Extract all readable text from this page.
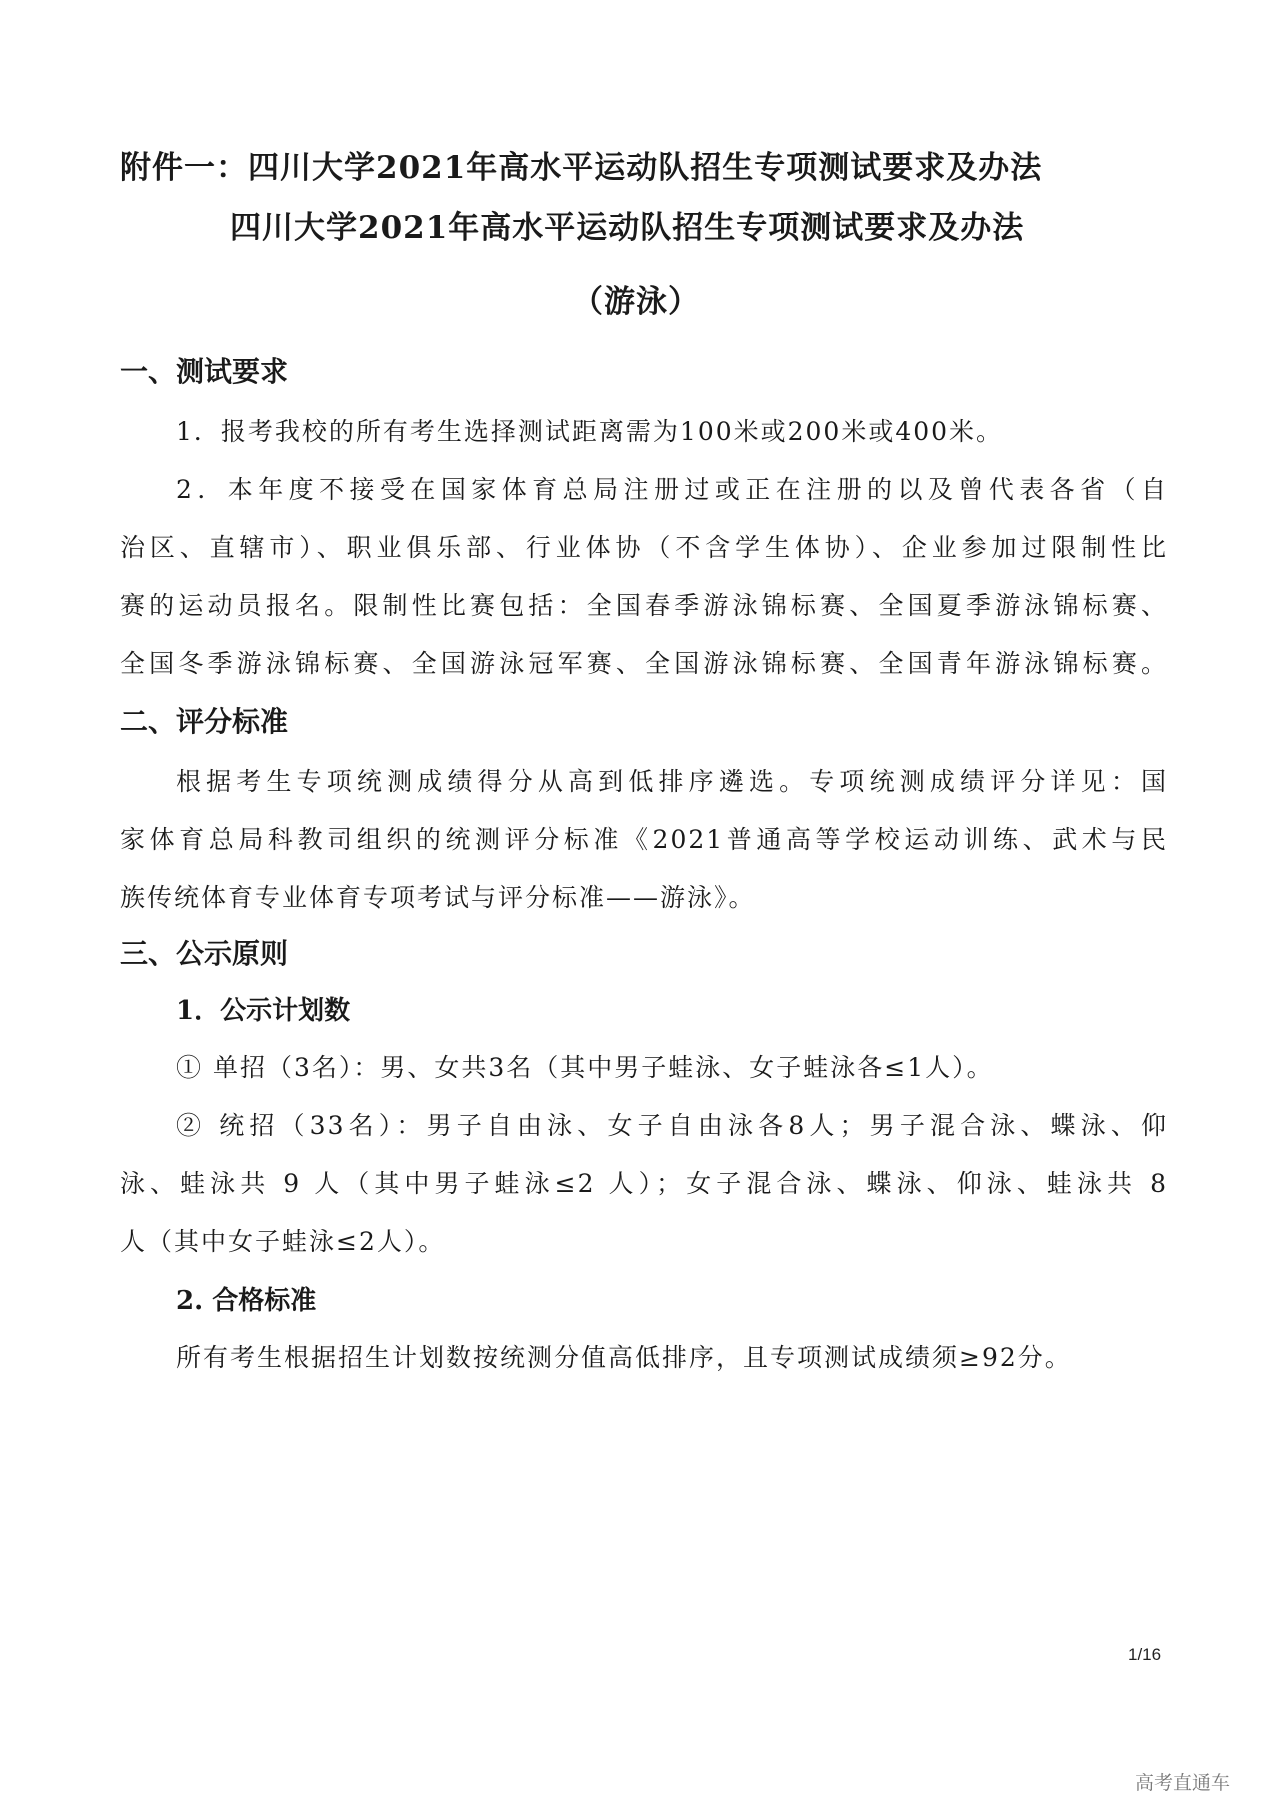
附件一：四川大学2021年高水平运动队招生专项测试要求及办法
四川大学2021年高水平运动队招生专项测试要求及办法
（游泳）
一、测试要求
1．报考我校的所有考生选择测试距离需为100米或200米或400米。
2．本年度不接受在国家体育总局注册过或正在注册的以及曾代表各省（自
治区、直辖市）、职业俱乐部、行业体协（不含学生体协）、企业参加过限制性比
赛的运动员报名。限制性比赛包括：全国春季游泳锦标赛、全国夏季游泳锦标赛、
全国冬季游泳锦标赛、全国游泳冠军赛、全国游泳锦标赛、全国青年游泳锦标赛。
二、评分标准
根据考生专项统测成绩得分从高到低排序遴选。专项统测成绩评分详见：国
家体育总局科教司组织的统测评分标准《2021普通高等学校运动训练、武术与民
族传统体育专业体育专项考试与评分标准——游泳》。
三、公示原则
1．公示计划数
① 单招（3名）：男、女共3名（其中男子蛙泳、女子蛙泳各≤1人）。
② 统招（33名）：男子自由泳、女子自由泳各8人；男子混合泳、蝶泳、仰
泳、蛙泳共 9 人（其中男子蛙泳≤2 人）；女子混合泳、蝶泳、仰泳、蛙泳共 8
人（其中女子蛙泳≤2人）。
2. 合格标准
所有考生根据招生计划数按统测分值高低排序，且专项测试成绩须≥92分。
1/16
高考直通车
